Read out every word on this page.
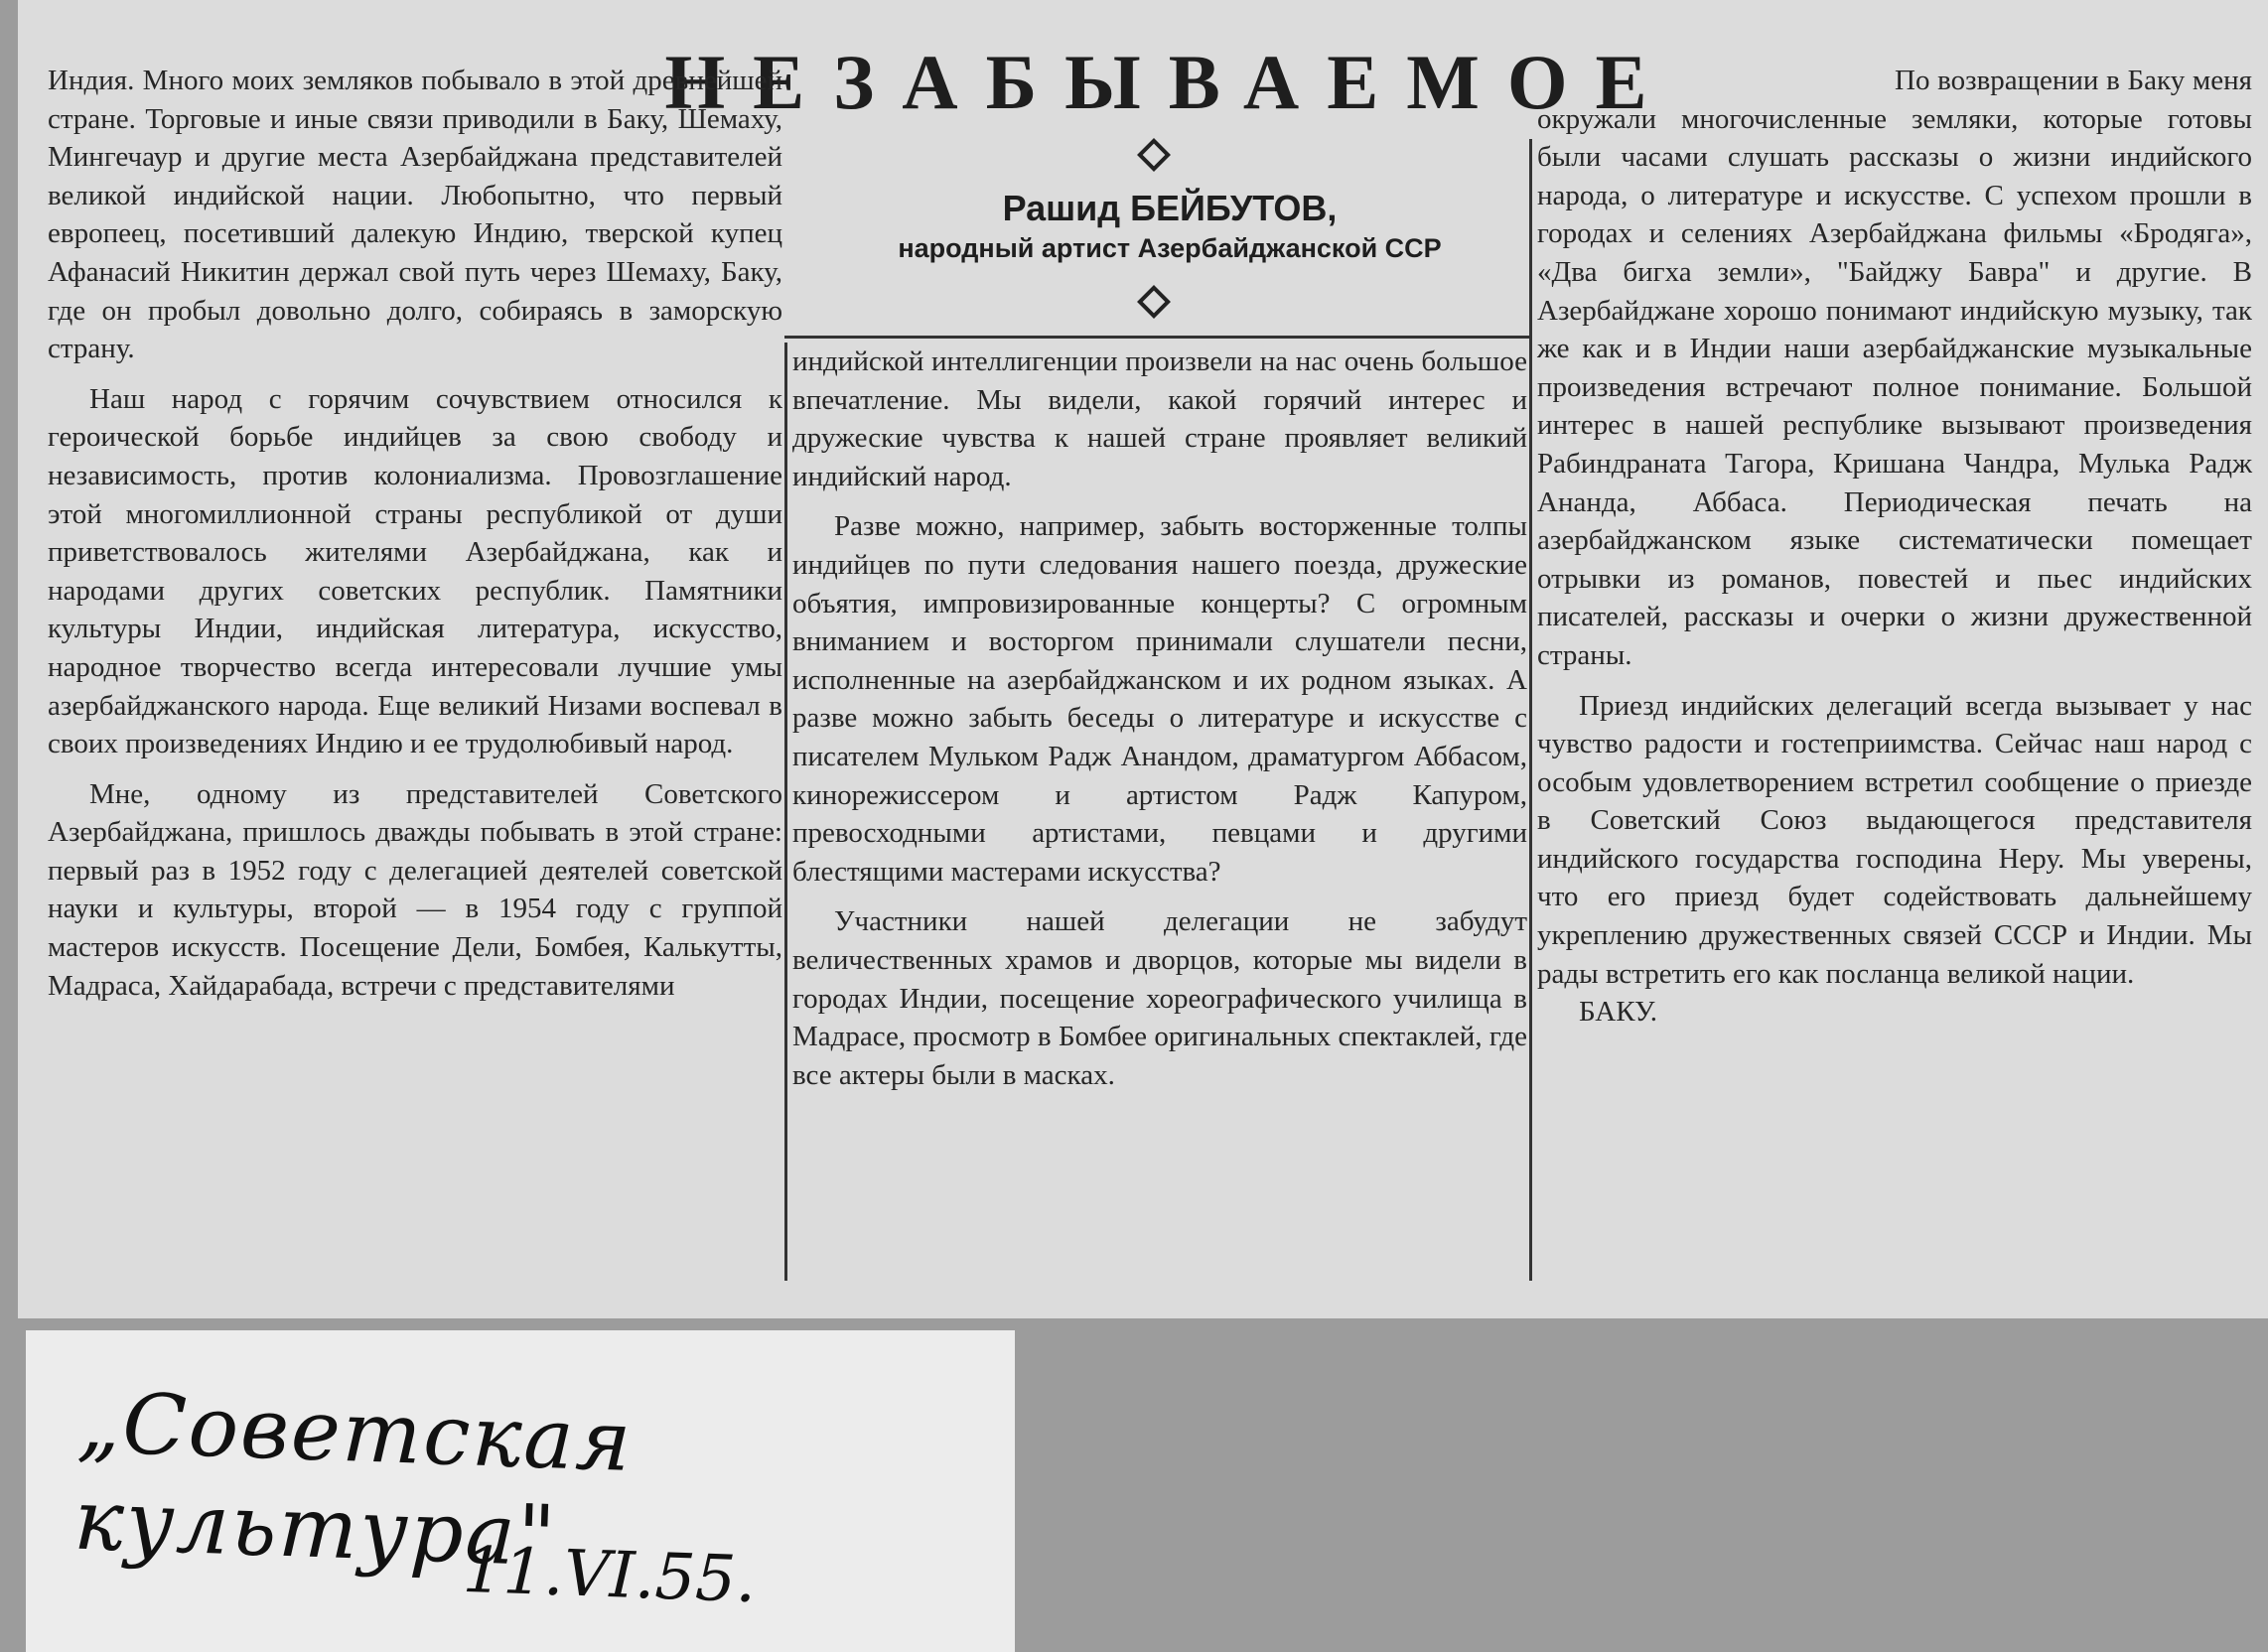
НЕЗАБЫВАЕМОЕ
Рашид БЕЙБУТОВ,
народный артист Азербайджанской ССР

Индия. Много моих земляков побывало в этой древнейшей стране. Торговые и иные связи приводили в Баку, Шемаху, Мингечаур и другие места Азербайджана представителей великой индийской нации. Любопытно, что первый европеец, посетивший далекую Индию, тверской купец Афанасий Никитин держал свой путь через Шемаху, Баку, где он пробыл довольно долго, собираясь в заморскую страну.

Наш народ с горячим сочувствием относился к героической борьбе индийцев за свою свободу и независимость, против колониализма. Провозглашение этой многомиллионной страны республикой от души приветствовалось жителями Азербайджана, как и народами других советских республик. Памятники культуры Индии, индийская литература, искусство, народное творчество всегда интересовали лучшие умы азербайджанского народа. Еще великий Низами воспевал в своих произведениях Индию и ее трудолюбивый народ.

Мне, одному из представителей Советского Азербайджана, пришлось дважды побывать в этой стране: первый раз в 1952 году с делегацией деятелей советской науки и культуры, второй — в 1954 году с группой мастеров искусств. Посещение Дели, Бомбея, Калькутты, Мадраса, Хайдарабада, встречи с представителями

индийской интеллигенции произвели на нас очень большое впечатление. Мы видели, какой горячий интерес и дружеские чувства к нашей стране проявляет великий индийский народ.

Разве можно, например, забыть восторженные толпы индийцев по пути следования нашего поезда, дружеские объятия, импровизированные концерты? С огромным вниманием и восторгом принимали слушатели песни, исполненные на азербайджанском и их родном языках. А разве можно забыть беседы о литературе и искусстве с писателем Мульком Радж Анандом, драматургом Аббасом, кинорежиссером и артистом Радж Капуром, превосходными артистами, певцами и другими блестящими мастерами искусства?

Участники нашей делегации не забудут величественных храмов и дворцов, которые мы видели в городах Индии, посещение хореографического училища в Мадрасе, просмотр в Бомбее оригинальных спектаклей, где все актеры были в масках.

По возвращении в Баку меня окружали многочисленные земляки, которые готовы были часами слушать рассказы о жизни индийского народа, о литературе и искусстве. С успехом прошли в городах и селениях Азербайджана фильмы «Бродяга», «Два бигха земли», "Байджу Бавра" и другие. В Азербайджане хорошо понимают индийскую музыку, так же как и в Индии наши азербайджанские музыкальные произведения встречают полное понимание. Большой интерес в нашей республике вызывают произведения Рабиндраната Тагора, Кришана Чандра, Мулька Радж Ананда, Аббаса. Периодическая печать на азербайджанском языке систематически помещает отрывки из романов, повестей и пьес индийских писателей, рассказы и очерки о жизни дружественной страны.

Приезд индийских делегаций всегда вызывает у нас чувство радости и гостеприимства. Сейчас наш народ с особым удовлетворением встретил сообщение о приезде в Советский Союз выдающегося представителя индийского государства господина Неру. Мы уверены, что его приезд будет содействовать дальнейшему укреплению дружественных связей СССР и Индии. Мы рады встретить его как посланца великой нации.

БАКУ.

„Советская культура"
11.VI.55.
